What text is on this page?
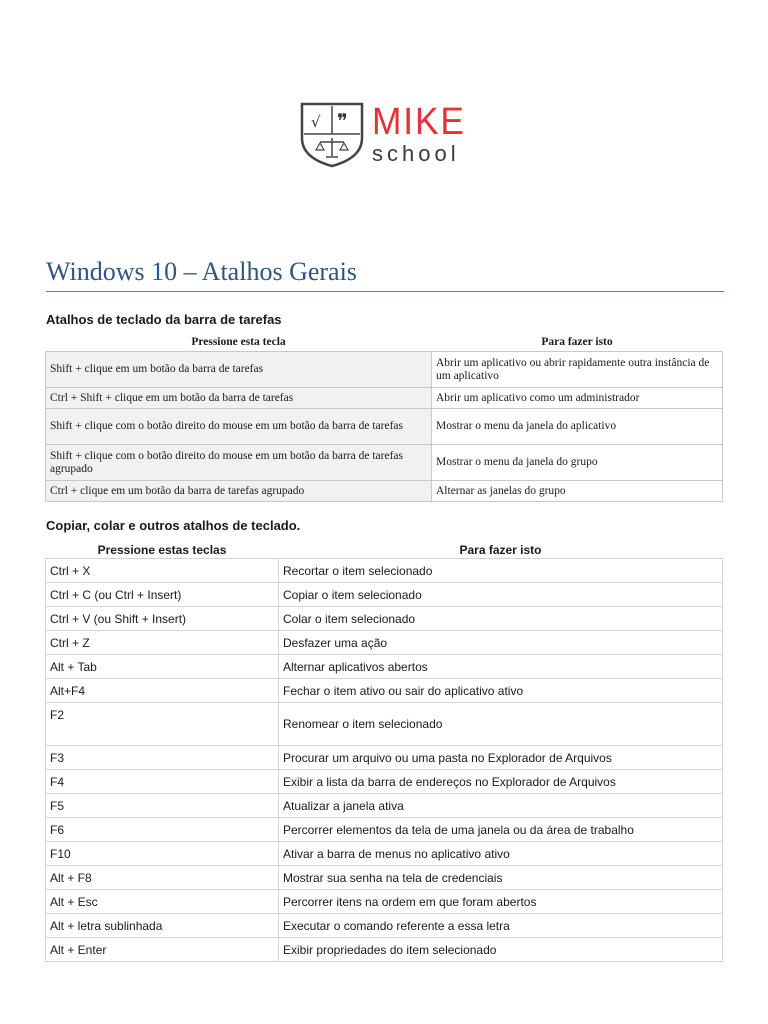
√ ❞ MIKE
school
Windows 10 – Atalhos Gerais
Atalhos de teclado da barra de tarefas
Pressione esta tecla	Para fazer isto
Shift + clique em um botão da barra de tarefas	Abrir um aplicativo ou abrir rapidamente outra instância de um aplicativo
Ctrl + Shift + clique em um botão da barra de tarefas	Abrir um aplicativo como um administrador
Shift + clique com o botão direito do mouse em um botão da barra de tarefas	Mostrar o menu da janela do aplicativo
Shift + clique com o botão direito do mouse em um botão da barra de tarefas agrupado	Mostrar o menu da janela do grupo
Ctrl + clique em um botão da barra de tarefas agrupado	Alternar as janelas do grupo
Copiar, colar e outros atalhos de teclado.
Pressione estas teclas	Para fazer isto
Ctrl + X	Recortar o item selecionado
Ctrl + C (ou Ctrl + Insert)	Copiar o item selecionado
Ctrl + V (ou Shift + Insert)	Colar o item selecionado
Ctrl + Z	Desfazer uma ação
Alt + Tab	Alternar aplicativos abertos
Alt+F4	Fechar o item ativo ou sair do aplicativo ativo
F2	Renomear o item selecionado
F3	Procurar um arquivo ou uma pasta no Explorador de Arquivos
F4	Exibir a lista da barra de endereços no Explorador de Arquivos
F5	Atualizar a janela ativa
F6	Percorrer elementos da tela de uma janela ou da área de trabalho
F10	Ativar a barra de menus no aplicativo ativo
Alt + F8	Mostrar sua senha na tela de credenciais
Alt + Esc	Percorrer itens na ordem em que foram abertos
Alt + letra sublinhada	Executar o comando referente a essa letra
Alt + Enter	Exibir propriedades do item selecionado
